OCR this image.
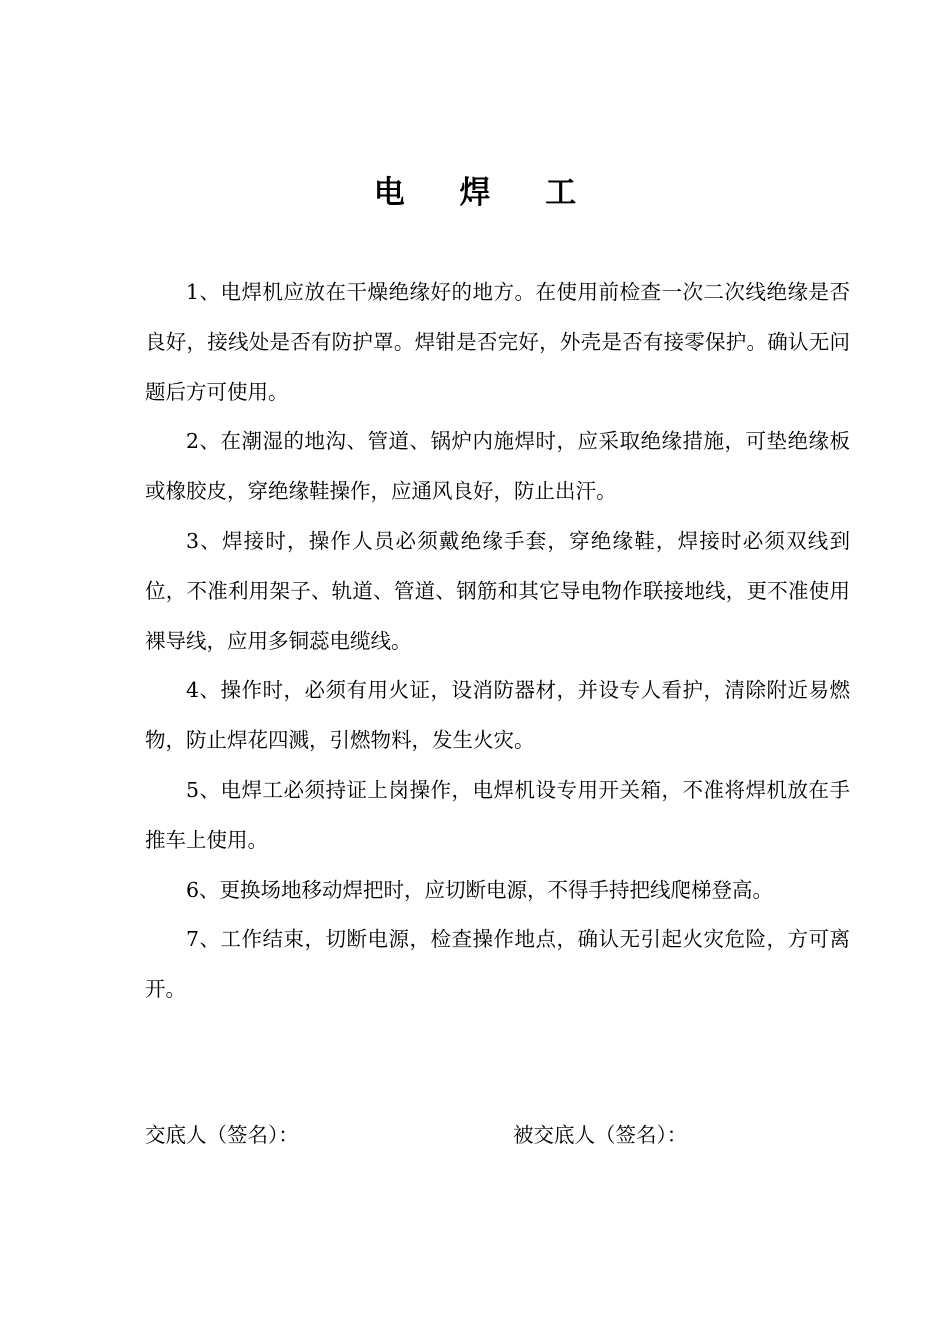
电 焊 工

1、电焊机应放在干燥绝缘好的地方。在使用前检查一次二次线绝缘是否良好，接线处是否有防护罩。焊钳是否完好，外壳是否有接零保护。确认无问题后方可使用。

2、在潮湿的地沟、管道、锅炉内施焊时，应采取绝缘措施，可垫绝缘板或橡胶皮，穿绝缘鞋操作，应通风良好，防止出汗。

3、焊接时，操作人员必须戴绝缘手套，穿绝缘鞋，焊接时必须双线到位，不准利用架子、轨道、管道、钢筋和其它导电物作联接地线，更不准使用裸导线，应用多铜蕊电缆线。

4、操作时，必须有用火证，设消防器材，并设专人看护，清除附近易燃物，防止焊花四溅，引燃物料，发生火灾。

5、电焊工必须持证上岗操作，电焊机设专用开关箱，不准将焊机放在手推车上使用。

6、更换场地移动焊把时，应切断电源，不得手持把线爬梯登高。

7、工作结束，切断电源，检查操作地点，确认无引起火灾危险，方可离开。

交底人（签名）：	被交底人（签名）：
